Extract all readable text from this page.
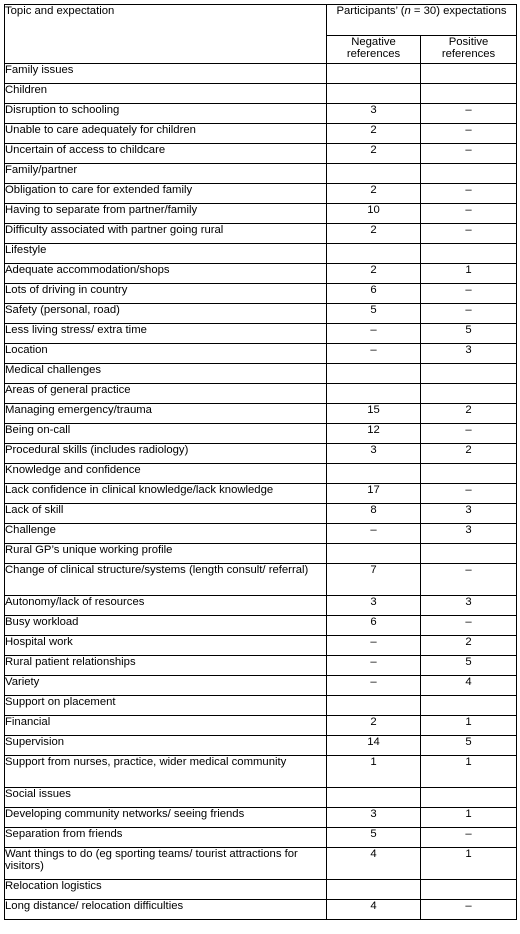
Topic and expectation	Participants’ (n = 30) expectations	
	Negative references	Positive references
Family issues		
Children		
Disruption to schooling	3	–
Unable to care adequately for children	2	–
Uncertain of access to childcare	2	–
Family/partner		
Obligation to care for extended family	2	–
Having to separate from partner/family	10	–
Difficulty associated with partner going rural	2	–
Lifestyle		
Adequate accommodation/shops	2	1
Lots of driving in country	6	–
Safety (personal, road)	5	–
Less living stress/ extra time	–	5
Location	–	3
Medical challenges		
Areas of general practice		
Managing emergency/trauma	15	2
Being on-call	12	–
Procedural skills (includes radiology)	3	2
Knowledge and confidence		
Lack confidence in clinical knowledge/lack knowledge	17	–
Lack of skill	8	3
Challenge	–	3
Rural GP’s unique working profile		
Change of clinical structure/systems (length consult/ referral)	7	–
Autonomy/lack of resources	3	3
Busy workload	6	–
Hospital work	–	2
Rural patient relationships	–	5
Variety	–	4
Support on placement		
Financial	2	1
Supervision	14	5
Support from nurses, practice, wider medical community	1	1
Social issues		
Developing community networks/ seeing friends	3	1
Separation from friends	5	–
Want things to do (eg sporting teams/ tourist attractions for visitors)	4	1
Relocation logistics		
Long distance/ relocation difficulties	4	–
